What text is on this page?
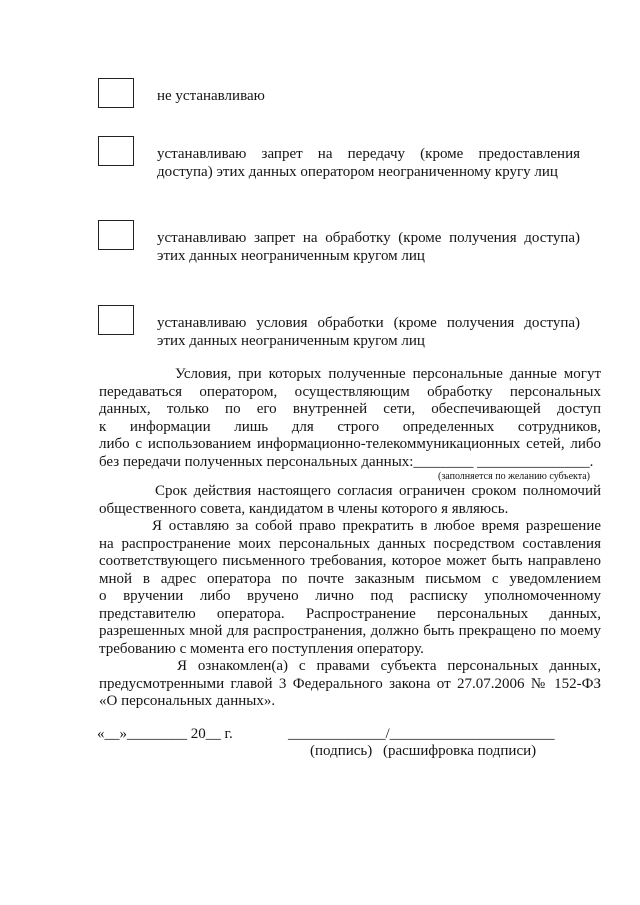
не устанавливаю
устанавливаю запрет на передачу (кроме предоставления
доступа) этих данных оператором неограниченному кругу лиц
устанавливаю запрет на обработку (кроме получения доступа)
этих данных неограниченным кругом лиц
устанавливаю условия обработки (кроме получения доступа)
этих данных неограниченным кругом лиц
Условия, при которых полученные персональные данные могут
передаваться оператором, осуществляющим обработку персональных
данных, только по его внутренней сети, обеспечивающей доступ
к информации лишь для строго определенных сотрудников,
либо с использованием информационно-телекоммуникационных сетей, либо
без передачи полученных персональных данных:________ _______________.
(заполняется по желанию субъекта)
Срок действия настоящего согласия ограничен сроком полномочий
общественного совета, кандидатом в члены которого я являюсь.
Я оставляю за собой право прекратить в любое время разрешение
на распространение моих персональных данных посредством составления
соответствующего письменного требования, которое может быть направлено
мной в адрес оператора по почте заказным письмом с уведомлением
о вручении либо вручено лично под расписку уполномоченному
представителю оператора. Распространение персональных данных,
разрешенных мной для распространения, должно быть прекращено по моему
требованию с момента его поступления оператору.
Я ознакомлен(а) с правами субъекта персональных данных,
предусмотренными главой 3 Федерального закона от 27.07.2006 № 152-ФЗ
«О персональных данных».
«__»________ 20__ г.	_____________/______________________
(подпись) (расшифровка подписи)
